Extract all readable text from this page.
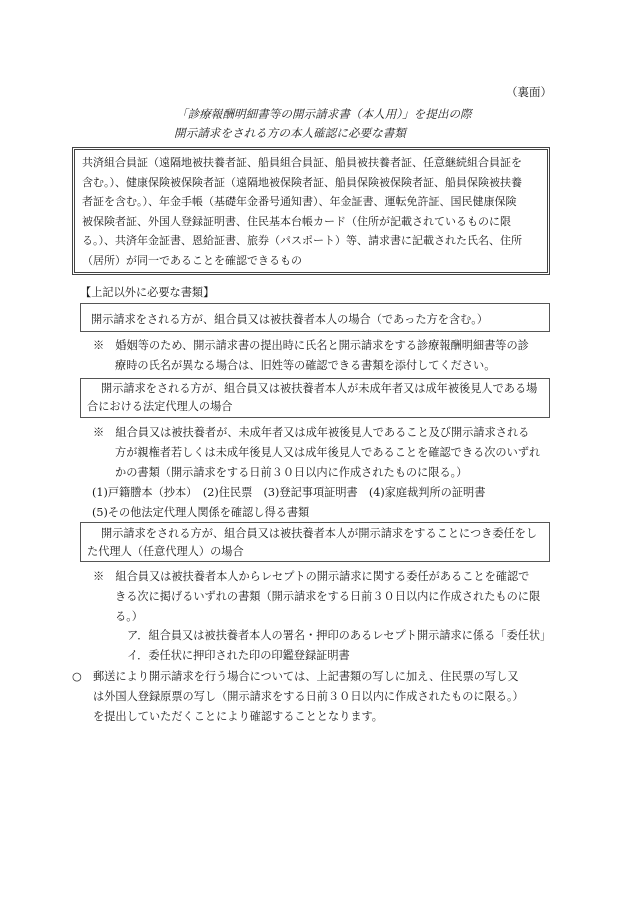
（裏面）
「診療報酬明細書等の開示請求書（本人用）」を提出の際
開示請求をされる方の本人確認に必要な書類
共済組合員証（遠隔地被扶養者証、船員組合員証、船員被扶養者証、任意継続組合員証を
含む。）、健康保険被保険者証（遠隔地被保険者証、船員保険被保険者証、船員保険被扶養
者証を含む。）、年金手帳（基礎年金番号通知書）、年金証書、運転免許証、国民健康保険
被保険者証、外国人登録証明書、住民基本台帳カード（住所が記載されているものに限
る。）、共済年金証書、恩給証書、旅券（パスポート）等、請求書に記載された氏名、住所
（居所）が同一であることを確認できるもの
【上記以外に必要な書類】
開示請求をされる方が、組合員又は被扶養者本人の場合（であった方を含む。）
※　婚姻等のため、開示請求書の提出時に氏名と開示請求をする診療報酬明細書等の診
療時の氏名が異なる場合は、旧姓等の確認できる書類を添付してください。
開示請求をされる方が、組合員又は被扶養者本人が未成年者又は成年被後見人である場
合における法定代理人の場合
※　組合員又は被扶養者が、未成年者又は成年被後見人であること及び開示請求される
方が親権者若しくは未成年後見人又は成年後見人であることを確認できる次のいずれ
かの書類（開示請求をする日前３０日以内に作成されたものに限る。）
(1)戸籍謄本（抄本）　(2)住民票　(3)登記事項証明書　(4)家庭裁判所の証明書
(5)その他法定代理人関係を確認し得る書類
開示請求をされる方が、組合員又は被扶養者本人が開示請求をすることにつき委任をし
た代理人（任意代理人）の場合
※　組合員又は被扶養者本人からレセプトの開示請求に関する委任があることを確認で
きる次に掲げるいずれの書類（開示請求をする日前３０日以内に作成されたものに限
る。）
ア．組合員又は被扶養者本人の署名・押印のあるレセプト開示請求に係る「委任状」
イ．委任状に押印された印の印鑑登録証明書
○　郵送により開示請求を行う場合については、上記書類の写しに加え、住民票の写し又
は外国人登録原票の写し（開示請求をする日前３０日以内に作成されたものに限る。）
を提出していただくことにより確認することとなります。
